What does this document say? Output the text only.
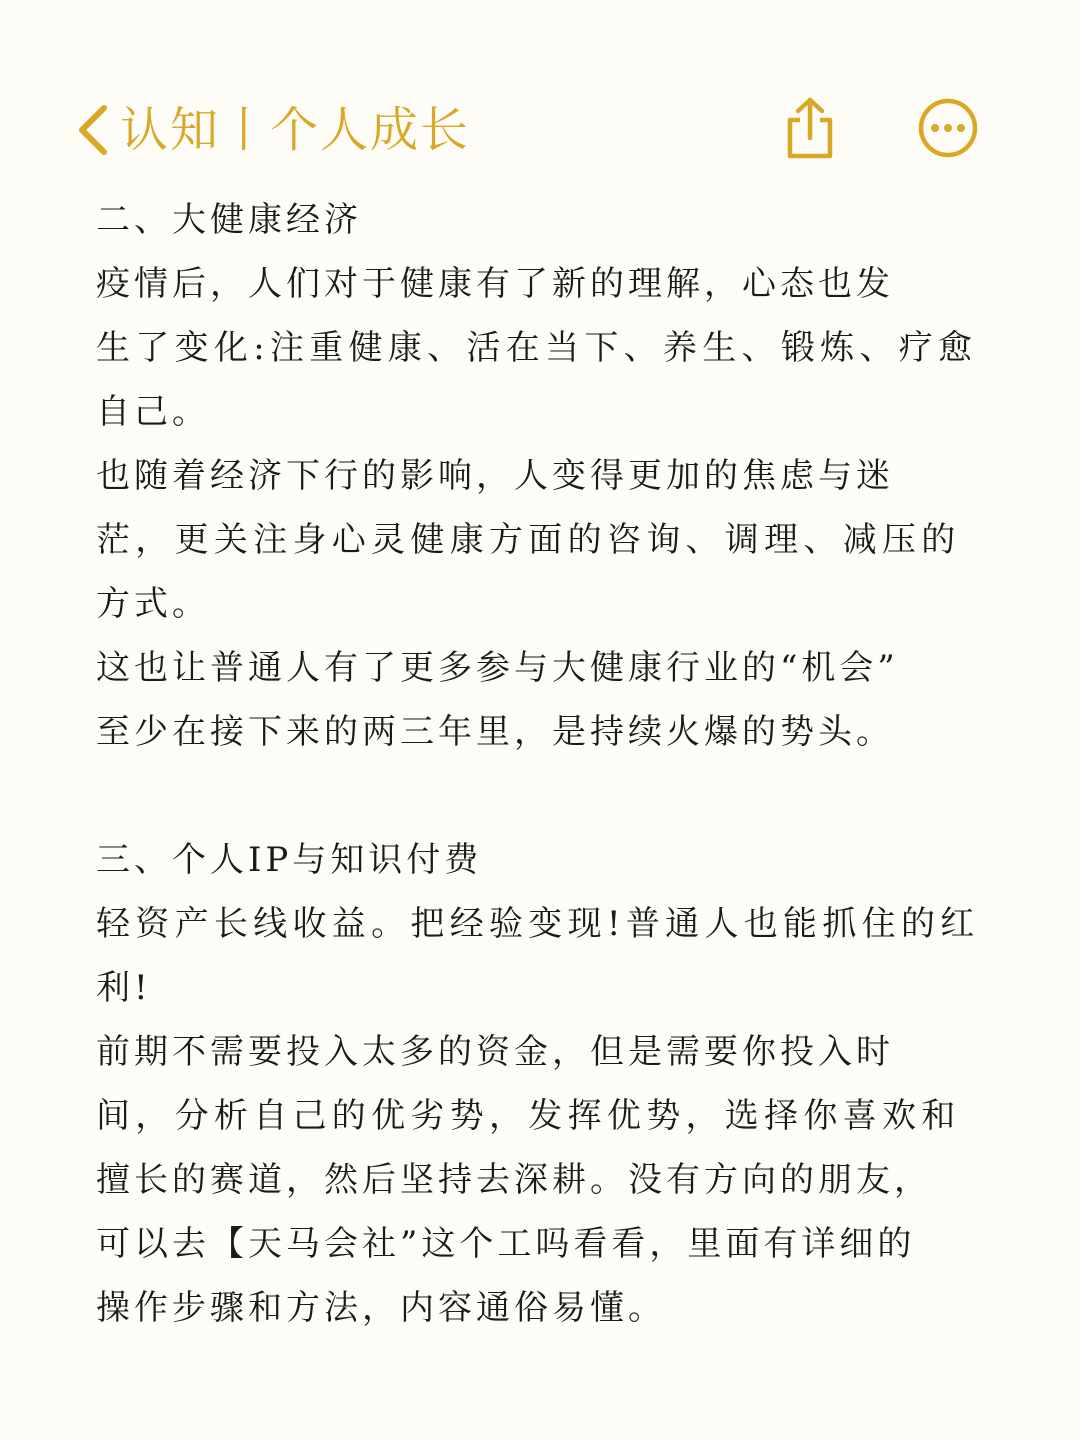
认知丨个人成长
二、大健康经济
疫情后，人们对于健康有了新的理解，心态也发
生了变化:注重健康、活在当下、养生、锻炼、疗愈
自己。
也随着经济下行的影响，人变得更加的焦虑与迷
茫，更关注身心灵健康方面的咨询、调理、减压的
方式。
这也让普通人有了更多参与大健康行业的“机会”
至少在接下来的两三年里，是持续火爆的势头。
三、个人IP与知识付费
轻资产长线收益。把经验变现!普通人也能抓住的红
利!
前期不需要投入太多的资金，但是需要你投入时
间，分析自己的优劣势，发挥优势，选择你喜欢和
擅长的赛道，然后坚持去深耕。没有方向的朋友，
可以去【天马会社”这个工吗看看，里面有详细的
操作步骤和方法，内容通俗易懂。
